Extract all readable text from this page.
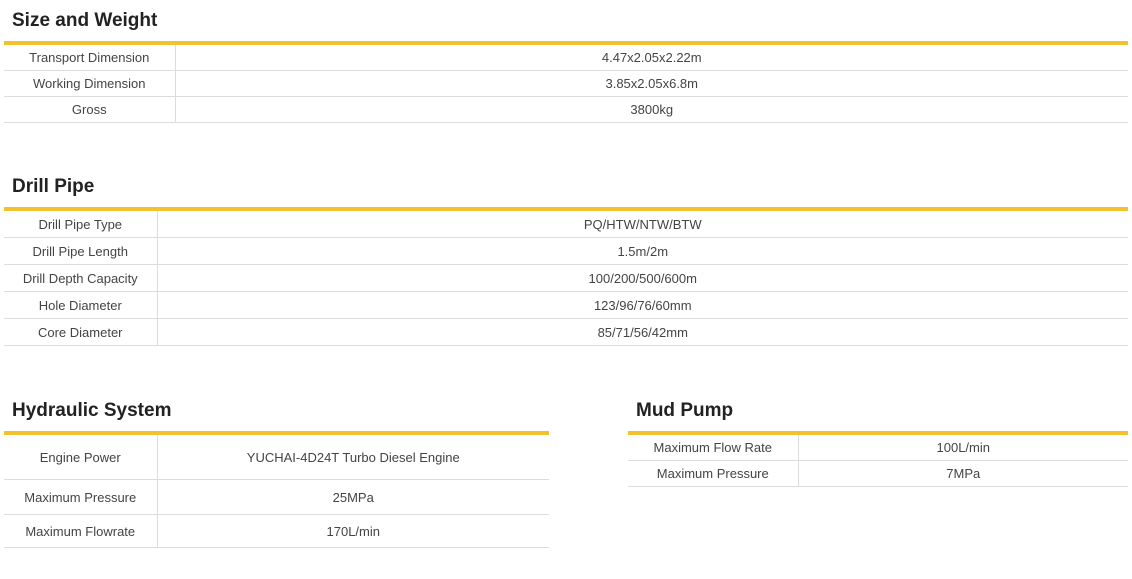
Size and Weight
Transport Dimension	4.47x2.05x2.22m
Working Dimension	3.85x2.05x6.8m
Gross	3800kg
Drill Pipe
Drill Pipe Type	PQ/HTW/NTW/BTW
Drill Pipe Length	1.5m/2m
Drill Depth Capacity	100/200/500/600m
Hole Diameter	123/96/76/60mm
Core Diameter	85/71/56/42mm
Hydraulic System
Engine Power	YUCHAI-4D24T Turbo Diesel Engine
Maximum Pressure	25MPa
Maximum Flowrate	170L/min
Mud Pump
Maximum Flow Rate	100L/min
Maximum Pressure	7MPa
